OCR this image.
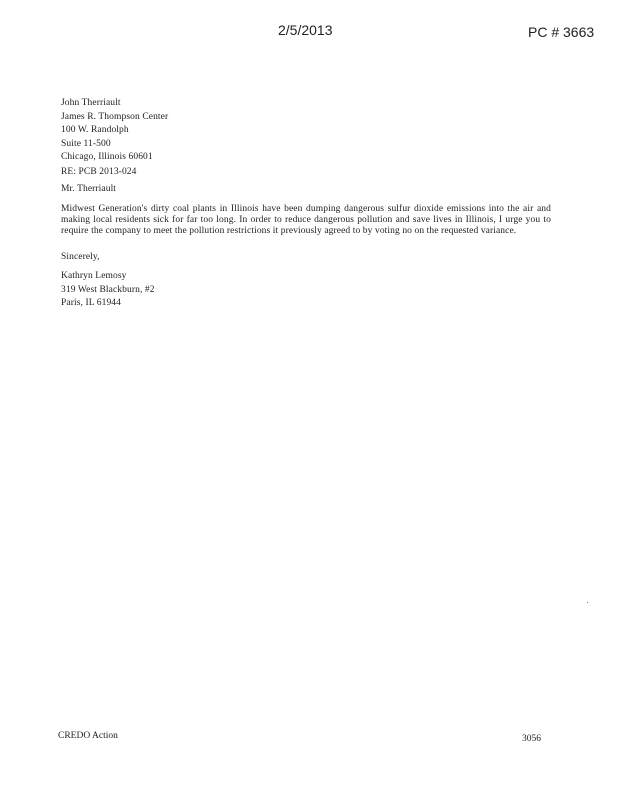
2/5/2013	PC # 3663
John Therriault
James R. Thompson Center
100 W. Randolph
Suite 11-500
Chicago, Illinois 60601
RE: PCB 2013-024
Mr. Therriault
Midwest Generation's dirty coal plants in Illinois have been dumping dangerous sulfur dioxide emissions into the air and making local residents sick for far too long. In order to reduce dangerous pollution and save lives in Illinois, I urge you to require the company to meet the pollution restrictions it previously agreed to by voting no on the requested variance.
Sincerely,
Kathryn Lemosy
319 West Blackburn, #2
Paris, IL 61944
CREDO Action	3056
